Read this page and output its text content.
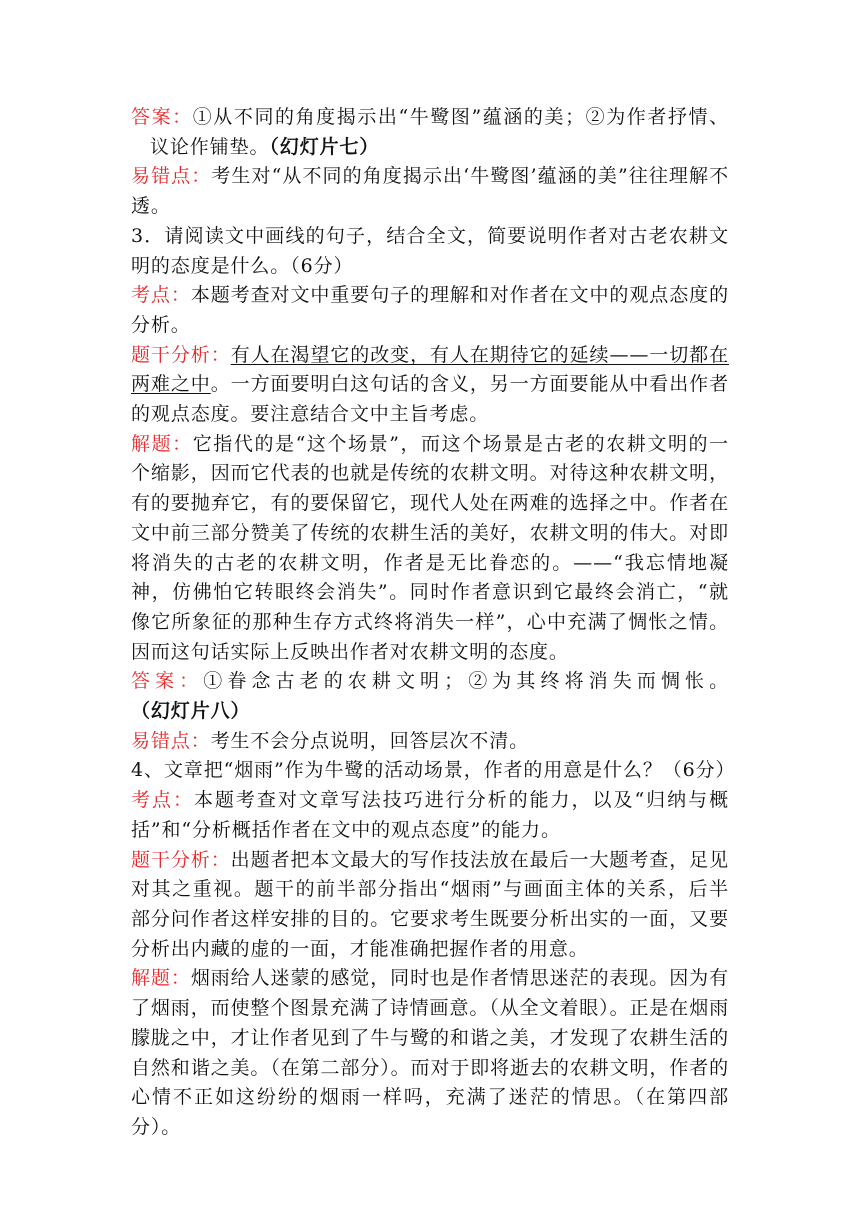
答案：①从不同的角度揭示出“牛鹭图”蕴涵的美；②为作者抒情、议论作铺垫。（幻灯片七）

易错点：考生对“从不同的角度揭示出‘牛鹭图’蕴涵的美”往往理解不透。

3．请阅读文中画线的句子，结合全文，简要说明作者对古老农耕文明的态度是什么。（6分）

考点：本题考查对文中重要句子的理解和对作者在文中的观点态度的分析。

题干分析：有人在渴望它的改变，有人在期待它的延续——一切都在两难之中。一方面要明白这句话的含义，另一方面要能从中看出作者的观点态度。要注意结合文中主旨考虑。

解题：它指代的是“这个场景”，而这个场景是古老的农耕文明的一个缩影，因而它代表的也就是传统的农耕文明。对待这种农耕文明，有的要抛弃它，有的要保留它，现代人处在两难的选择之中。作者在文中前三部分赞美了传统的农耕生活的美好，农耕文明的伟大。对即将消失的古老的农耕文明，作者是无比眷恋的。——“我忘情地凝神，仿佛怕它转眼终会消失”。同时作者意识到它最终会消亡，“就像它所象征的那种生存方式终将消失一样”，心中充满了惆怅之情。因而这句话实际上反映出作者对农耕文明的态度。

答案：①眷念古老的农耕文明；②为其终将消失而惆怅。（幻灯片八）

易错点：考生不会分点说明，回答层次不清。

4、文章把“烟雨”作为牛鹭的活动场景，作者的用意是什么？（6分）

考点：本题考查对文章写法技巧进行分析的能力，以及“归纳与概括”和“分析概括作者在文中的观点态度”的能力。

题干分析：出题者把本文最大的写作技法放在最后一大题考查，足见对其之重视。题干的前半部分指出“烟雨”与画面主体的关系，后半部分问作者这样安排的目的。它要求考生既要分析出实的一面，又要分析出内藏的虚的一面，才能准确把握作者的用意。

解题：烟雨给人迷蒙的感觉，同时也是作者情思迷茫的表现。因为有了烟雨，而使整个图景充满了诗情画意。（从全文着眼）。正是在烟雨朦胧之中，才让作者见到了牛与鹭的和谐之美，才发现了农耕生活的自然和谐之美。（在第二部分）。而对于即将逝去的农耕文明，作者的心情不正如这纷纷的烟雨一样吗，充满了迷茫的情思。（在第四部分）。
